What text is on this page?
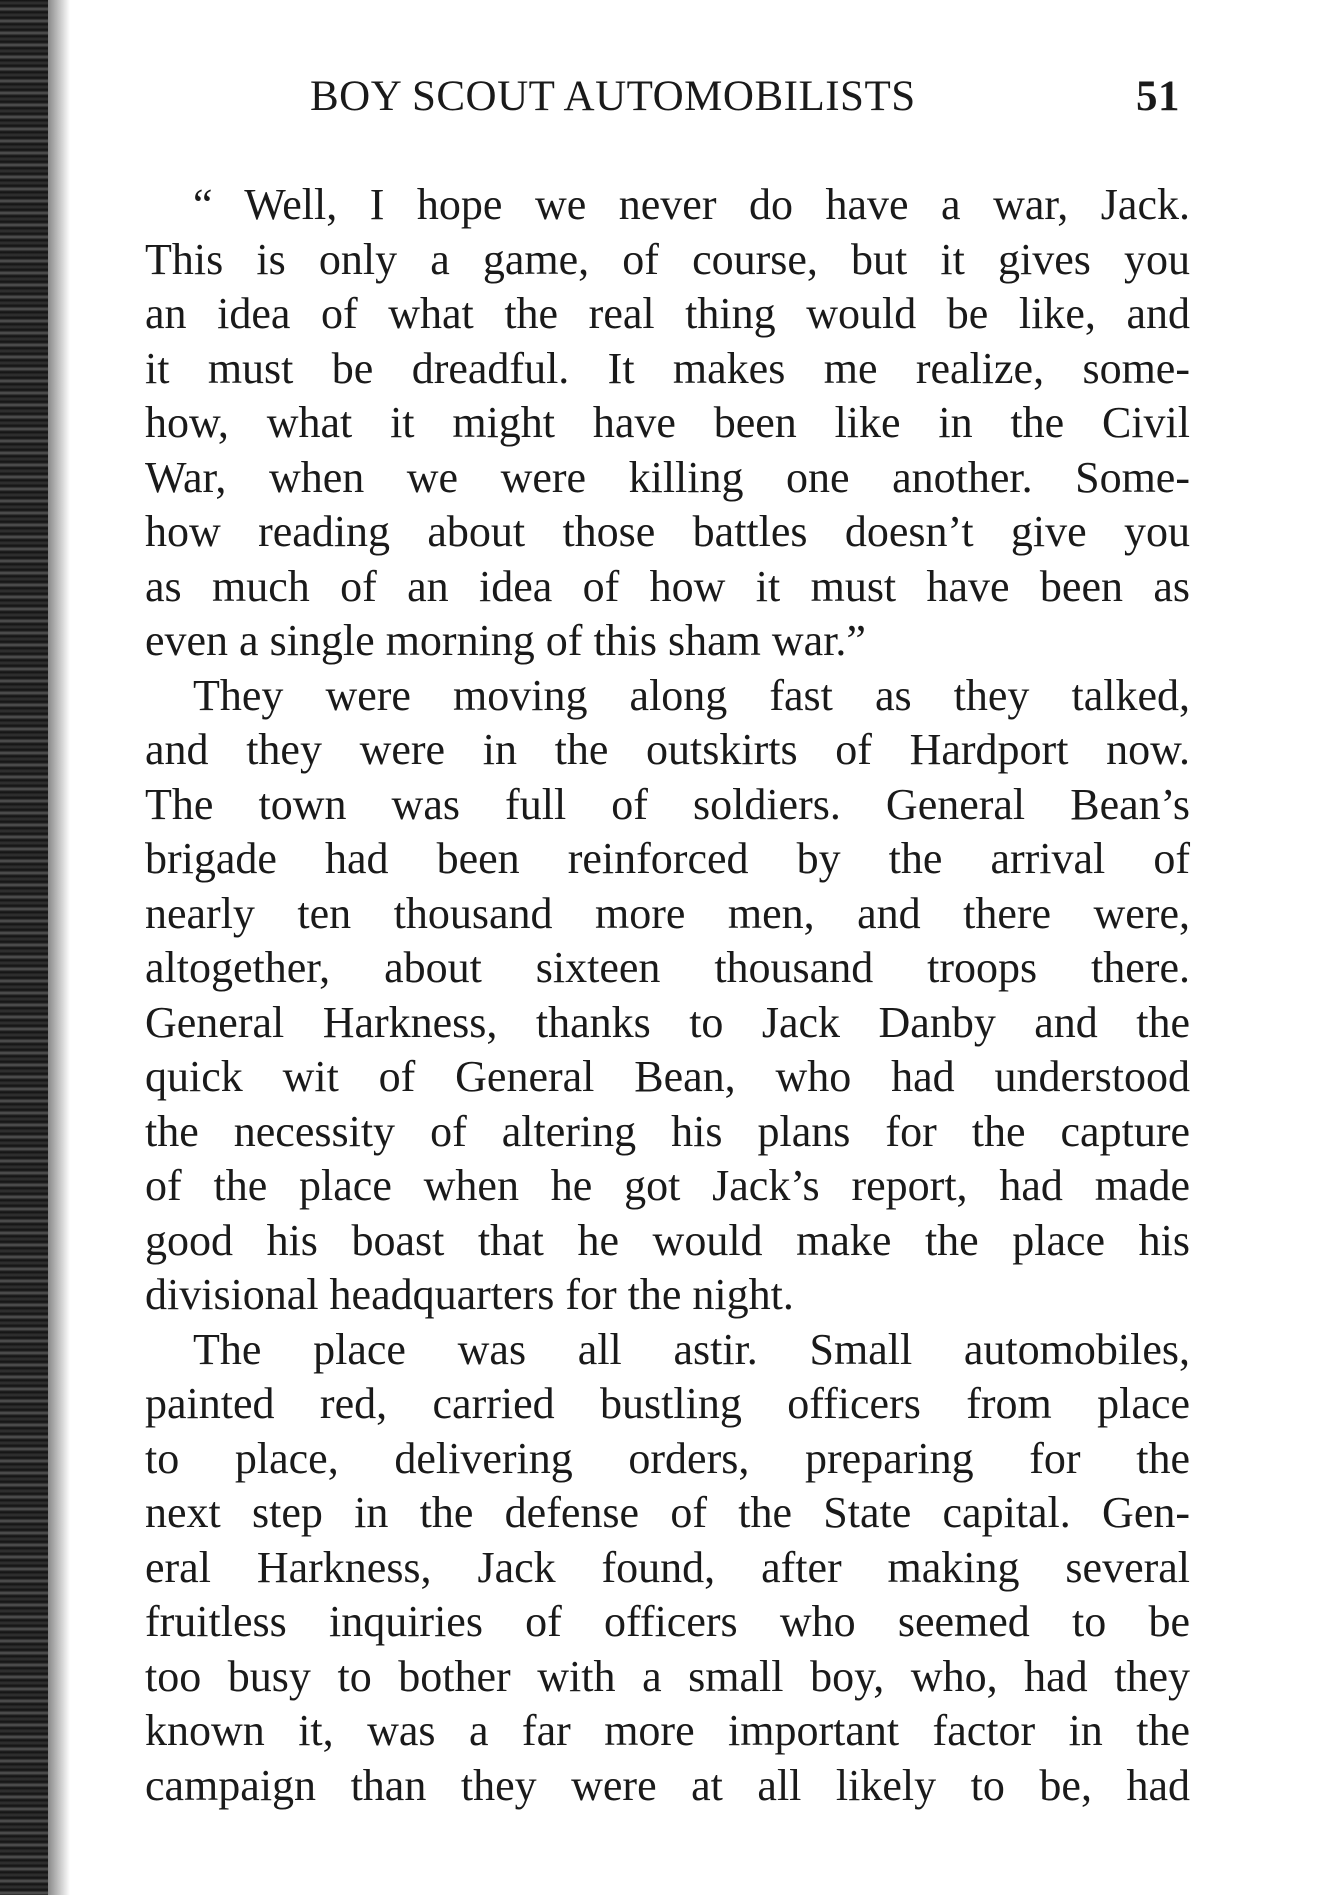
BOY SCOUT AUTOMOBILISTS	51

“ Well, I hope we never do have a war, Jack.
This is only a game, of course, but it gives you
an idea of what the real thing would be like, and
it must be dreadful. It makes me realize, some-
how, what it might have been like in the Civil
War, when we were killing one another. Some-
how reading about those battles doesn’t give you
as much of an idea of how it must have been as
even a single morning of this sham war.”

They were moving along fast as they talked,
and they were in the outskirts of Hardport now.
The town was full of soldiers. General Bean’s
brigade had been reinforced by the arrival of
nearly ten thousand more men, and there were,
altogether, about sixteen thousand troops there.
General Harkness, thanks to Jack Danby and the
quick wit of General Bean, who had understood
the necessity of altering his plans for the capture
of the place when he got Jack’s report, had made
good his boast that he would make the place his
divisional headquarters for the night.

The place was all astir. Small automobiles,
painted red, carried bustling officers from place
to place, delivering orders, preparing for the
next step in the defense of the State capital. Gen-
eral Harkness, Jack found, after making several
fruitless inquiries of officers who seemed to be
too busy to bother with a small boy, who, had they
known it, was a far more important factor in the
campaign than they were at all likely to be, had
